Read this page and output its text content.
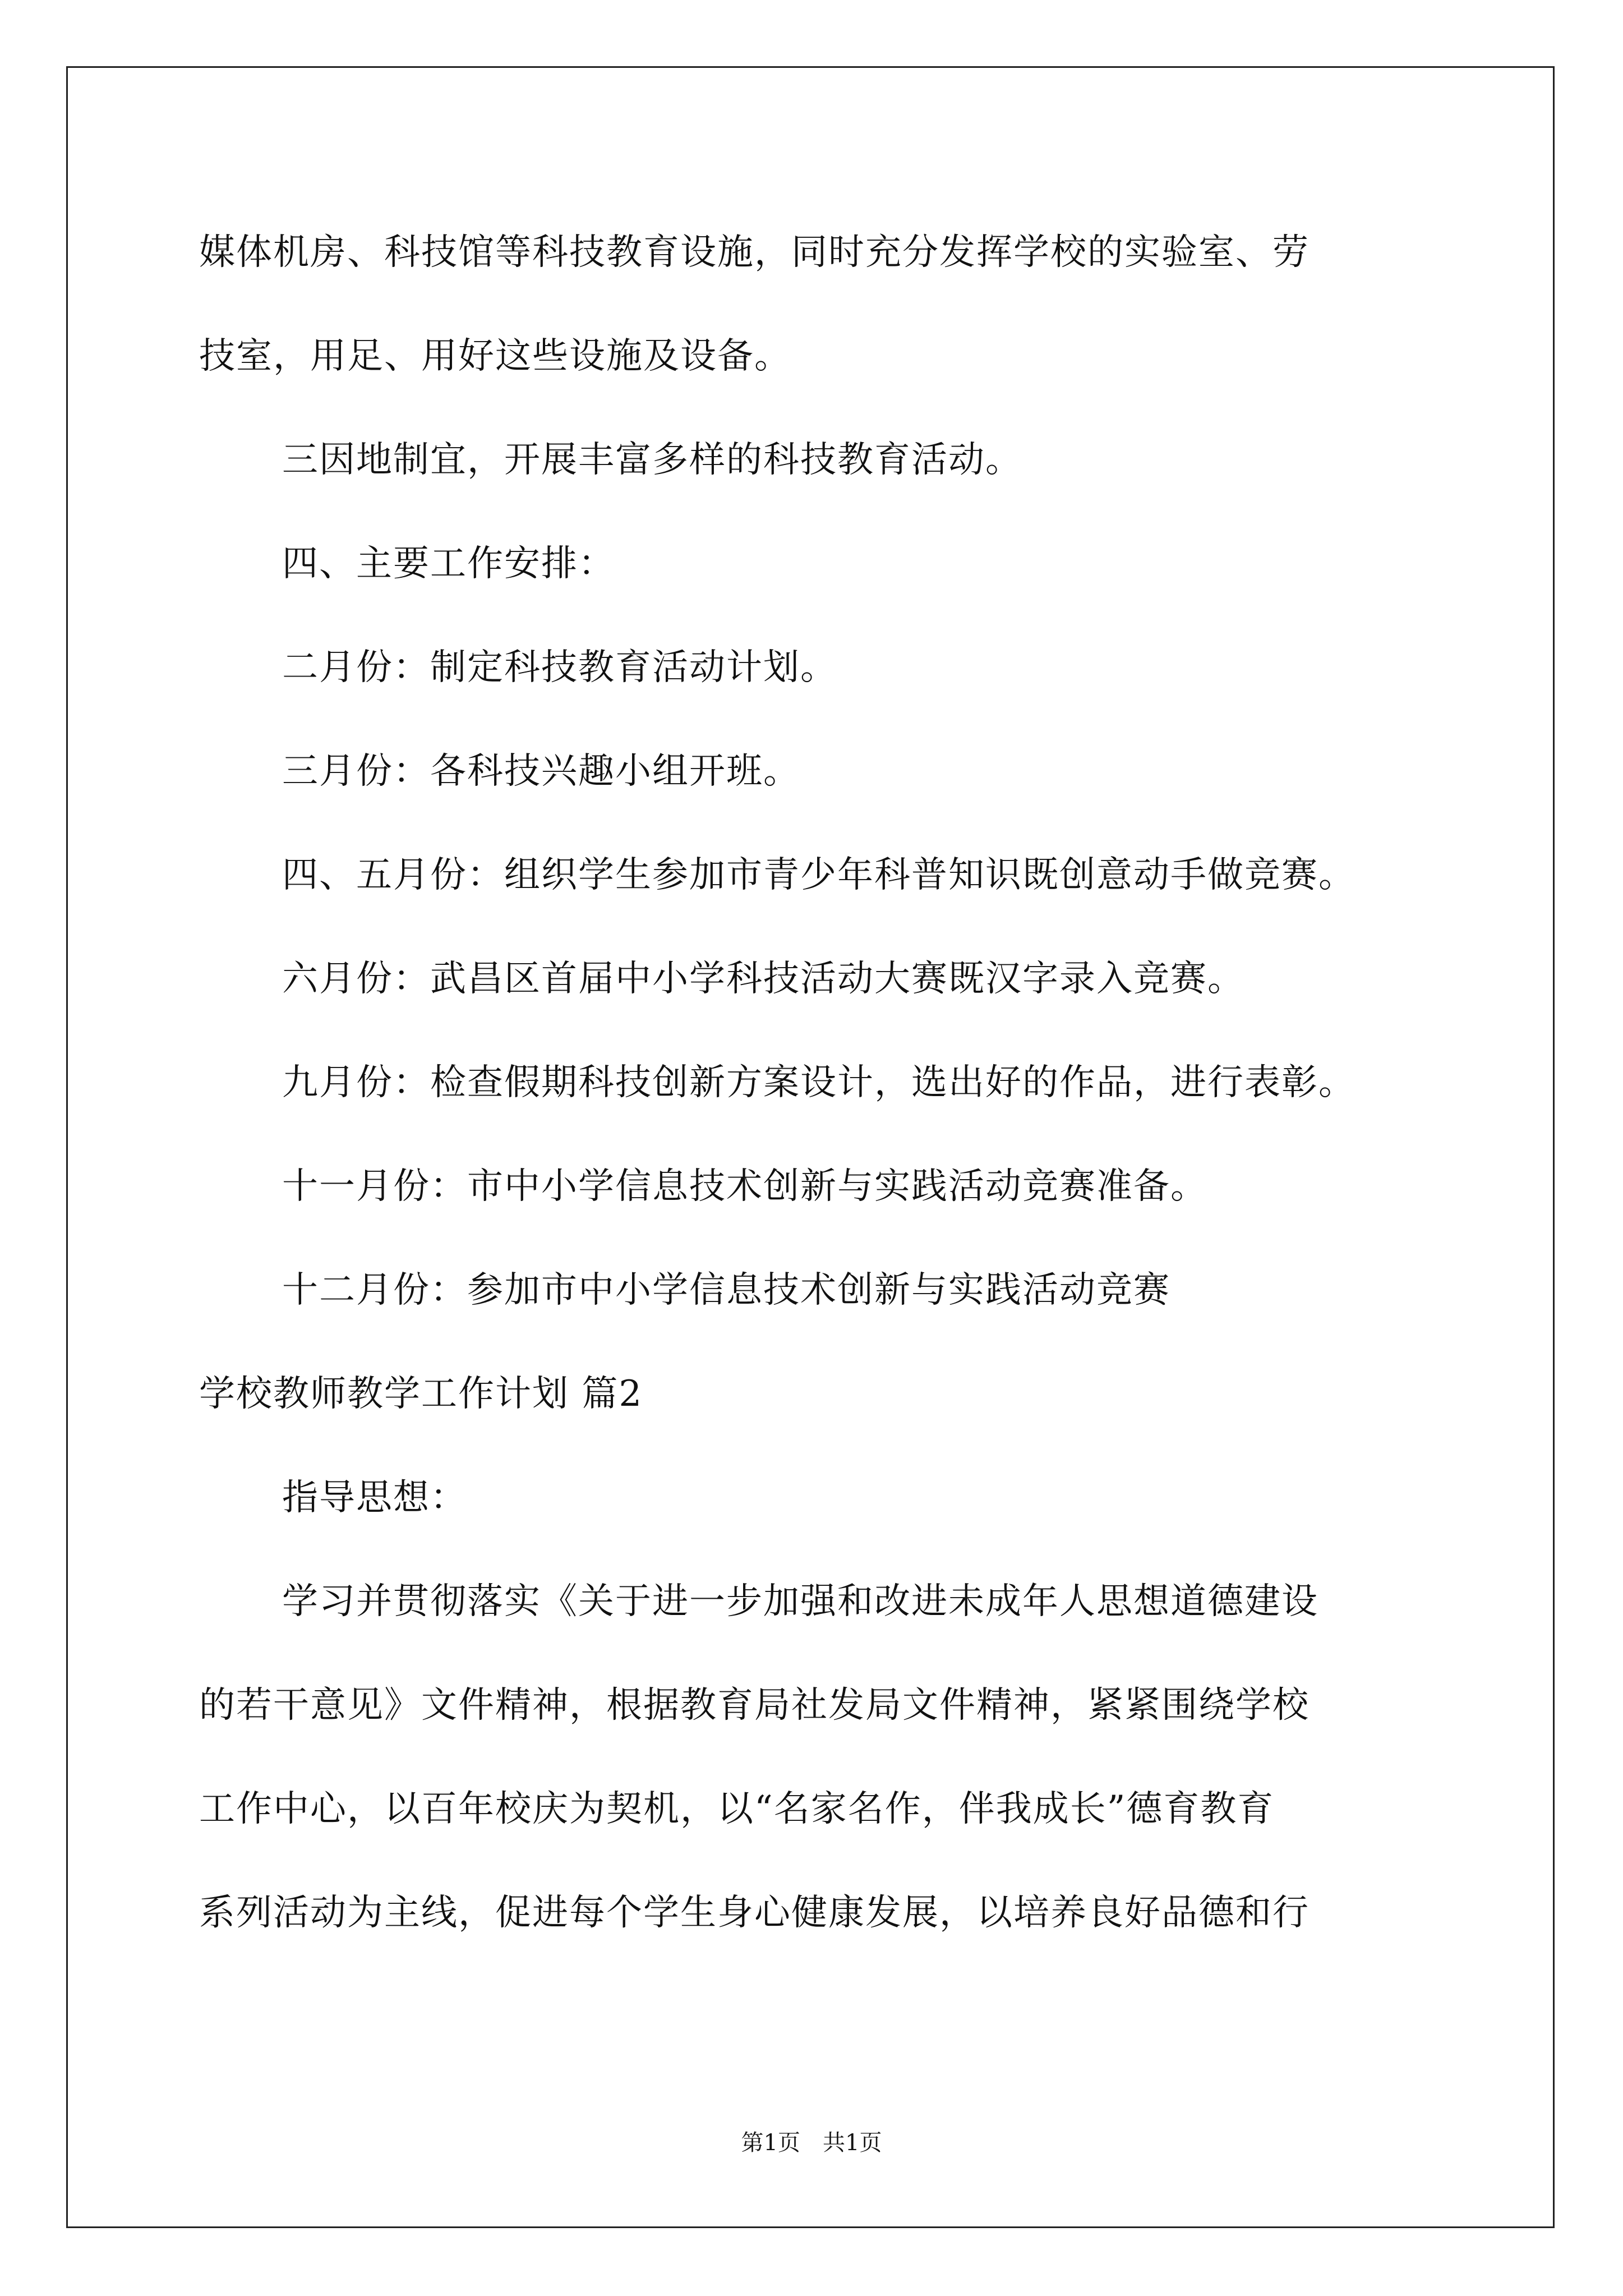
媒体机房、科技馆等科技教育设施，同时充分发挥学校的实验室、劳
技室，用足、用好这些设施及设备。
三因地制宜，开展丰富多样的科技教育活动。
四、主要工作安排：
二月份：制定科技教育活动计划。
三月份：各科技兴趣小组开班。
四、五月份：组织学生参加市青少年科普知识既创意动手做竞赛。
六月份：武昌区首届中小学科技活动大赛既汉字录入竞赛。
九月份：检查假期科技创新方案设计，选出好的作品，进行表彰。
十一月份：市中小学信息技术创新与实践活动竞赛准备。
十二月份：参加市中小学信息技术创新与实践活动竞赛
学校教师教学工作计划 篇2
指导思想：
学习并贯彻落实《关于进一步加强和改进未成年人思想道德建设
的若干意见》文件精神，根据教育局社发局文件精神，紧紧围绕学校
工作中心，以百年校庆为契机，以“名家名作，伴我成长”德育教育
系列活动为主线，促进每个学生身心健康发展，以培养良好品德和行
第1页 共1页
